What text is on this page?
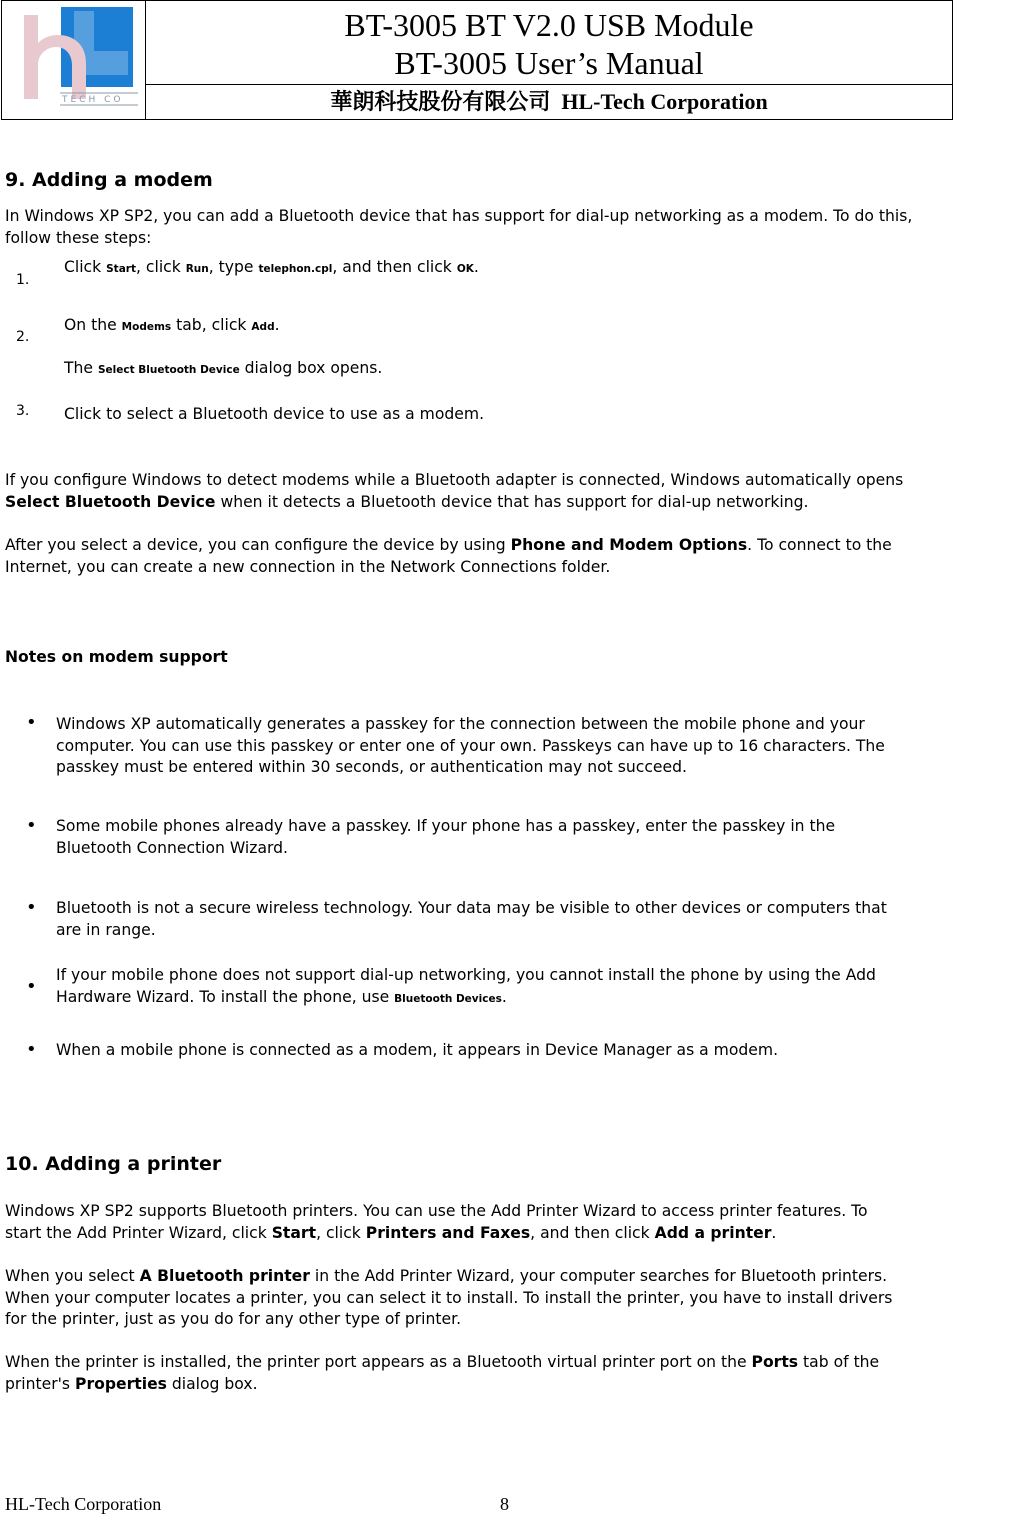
TECH CO
BT-3005 BT V2.0 USB Module
BT-3005 User’s Manual
華朗科技股份有限公司 HL-Tech Corporation
9. Adding a modem
In Windows XP SP2, you can add a Bluetooth device that has support for dial-up networking as a modem. To do this,
follow these steps:
1.
Click Start, click Run, type telephon.cpl, and then click OK.
2.
On the Modems tab, click Add.
The Select Bluetooth Device dialog box opens.
3. Click to select a Bluetooth device to use as a modem.
If you configure Windows to detect modems while a Bluetooth adapter is connected, Windows automatically opens
Select Bluetooth Device when it detects a Bluetooth device that has support for dial-up networking.
After you select a device, you can configure the device by using Phone and Modem Options. To connect to the
Internet, you can create a new connection in the Network Connections folder.
Notes on modem support
• Windows XP automatically generates a passkey for the connection between the mobile phone and your
computer. You can use this passkey or enter one of your own. Passkeys can have up to 16 characters. The
passkey must be entered within 30 seconds, or authentication may not succeed.
• Some mobile phones already have a passkey. If your phone has a passkey, enter the passkey in the
Bluetooth Connection Wizard.
• Bluetooth is not a secure wireless technology. Your data may be visible to other devices or computers that
are in range.
•
If your mobile phone does not support dial-up networking, you cannot install the phone by using the Add
Hardware Wizard. To install the phone, use Bluetooth Devices.
• When a mobile phone is connected as a modem, it appears in Device Manager as a modem.
10. Adding a printer
Windows XP SP2 supports Bluetooth printers. You can use the Add Printer Wizard to access printer features. To
start the Add Printer Wizard, click Start, click Printers and Faxes, and then click Add a printer.
When you select A Bluetooth printer in the Add Printer Wizard, your computer searches for Bluetooth printers.
When your computer locates a printer, you can select it to install. To install the printer, you have to install drivers
for the printer, just as you do for any other type of printer.
When the printer is installed, the printer port appears as a Bluetooth virtual printer port on the Ports tab of the
printer's Properties dialog box.
HL-Tech Corporation	8
